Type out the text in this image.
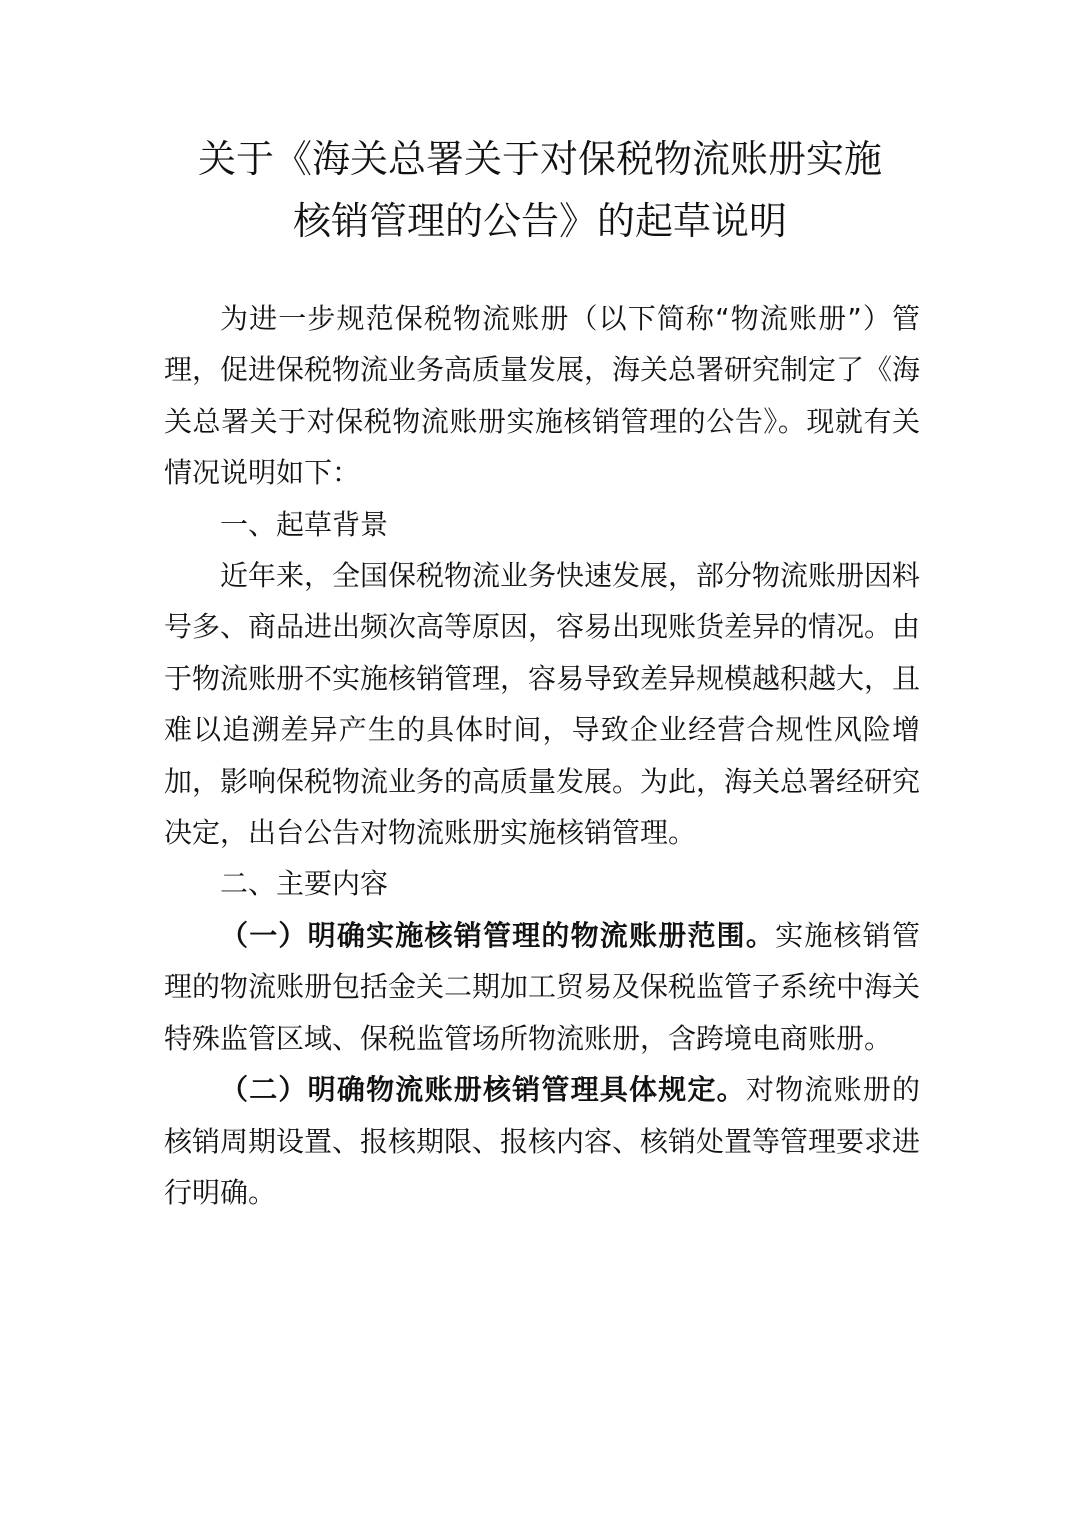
关于《海关总署关于对保税物流账册实施
核销管理的公告》的起草说明

为进一步规范保税物流账册（以下简称“物流账册”）管理，促进保税物流业务高质量发展，海关总署研究制定了《海关总署关于对保税物流账册实施核销管理的公告》。现就有关情况说明如下：

一、起草背景

近年来，全国保税物流业务快速发展，部分物流账册因料号多、商品进出频次高等原因，容易出现账货差异的情况。由于物流账册不实施核销管理，容易导致差异规模越积越大，且难以追溯差异产生的具体时间，导致企业经营合规性风险增加，影响保税物流业务的高质量发展。为此，海关总署经研究决定，出台公告对物流账册实施核销管理。

二、主要内容

（一）明确实施核销管理的物流账册范围。实施核销管理的物流账册包括金关二期加工贸易及保税监管子系统中海关特殊监管区域、保税监管场所物流账册，含跨境电商账册。

（二）明确物流账册核销管理具体规定。对物流账册的核销周期设置、报核期限、报核内容、核销处置等管理要求进行明确。
